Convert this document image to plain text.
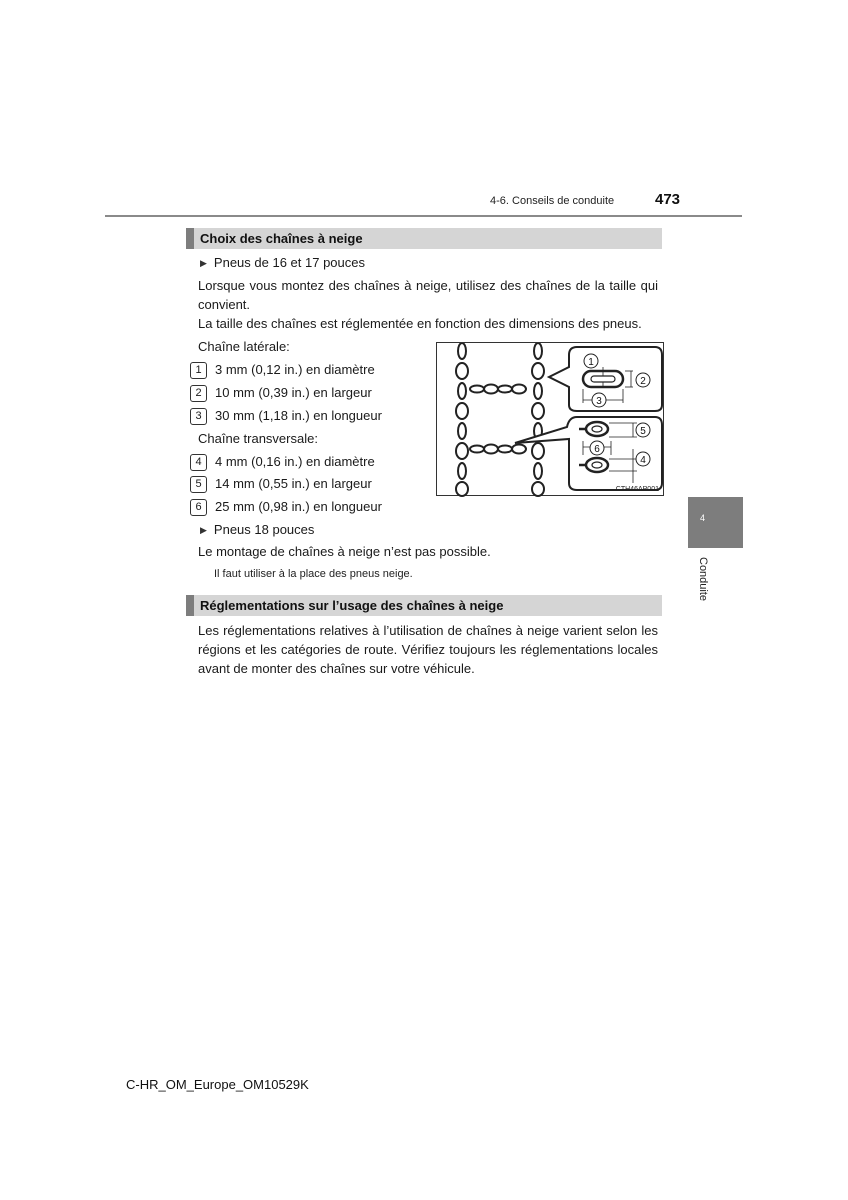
4-6. Conseils de conduite	473
Choix des chaînes à neige
▶ Pneus de 16 et 17 pouces
Lorsque vous montez des chaînes à neige, utilisez des chaînes de la taille qui convient.
La taille des chaînes est réglementée en fonction des dimensions des pneus.
Chaîne latérale:
1	3 mm (0,12 in.) en diamètre
2	10 mm (0,39 in.) en largeur
3	30 mm (1,18 in.) en longueur
Chaîne transversale:
4	4 mm (0,16 in.) en diamètre
5	14 mm (0,55 in.) en largeur
6	25 mm (0,98 in.) en longueur
▶ Pneus 18 pouces
Le montage de chaînes à neige n’est pas possible.
Il faut utiliser à la place des pneus neige.
1
2
3
4
5
6
CTH46AP001
Réglementations sur l’usage des chaînes à neige
Les réglementations relatives à l’utilisation de chaînes à neige varient selon les régions et les catégories de route. Vérifiez toujours les réglementations locales avant de monter des chaînes sur votre véhicule.
4
Conduite
C-HR_OM_Europe_OM10529K
